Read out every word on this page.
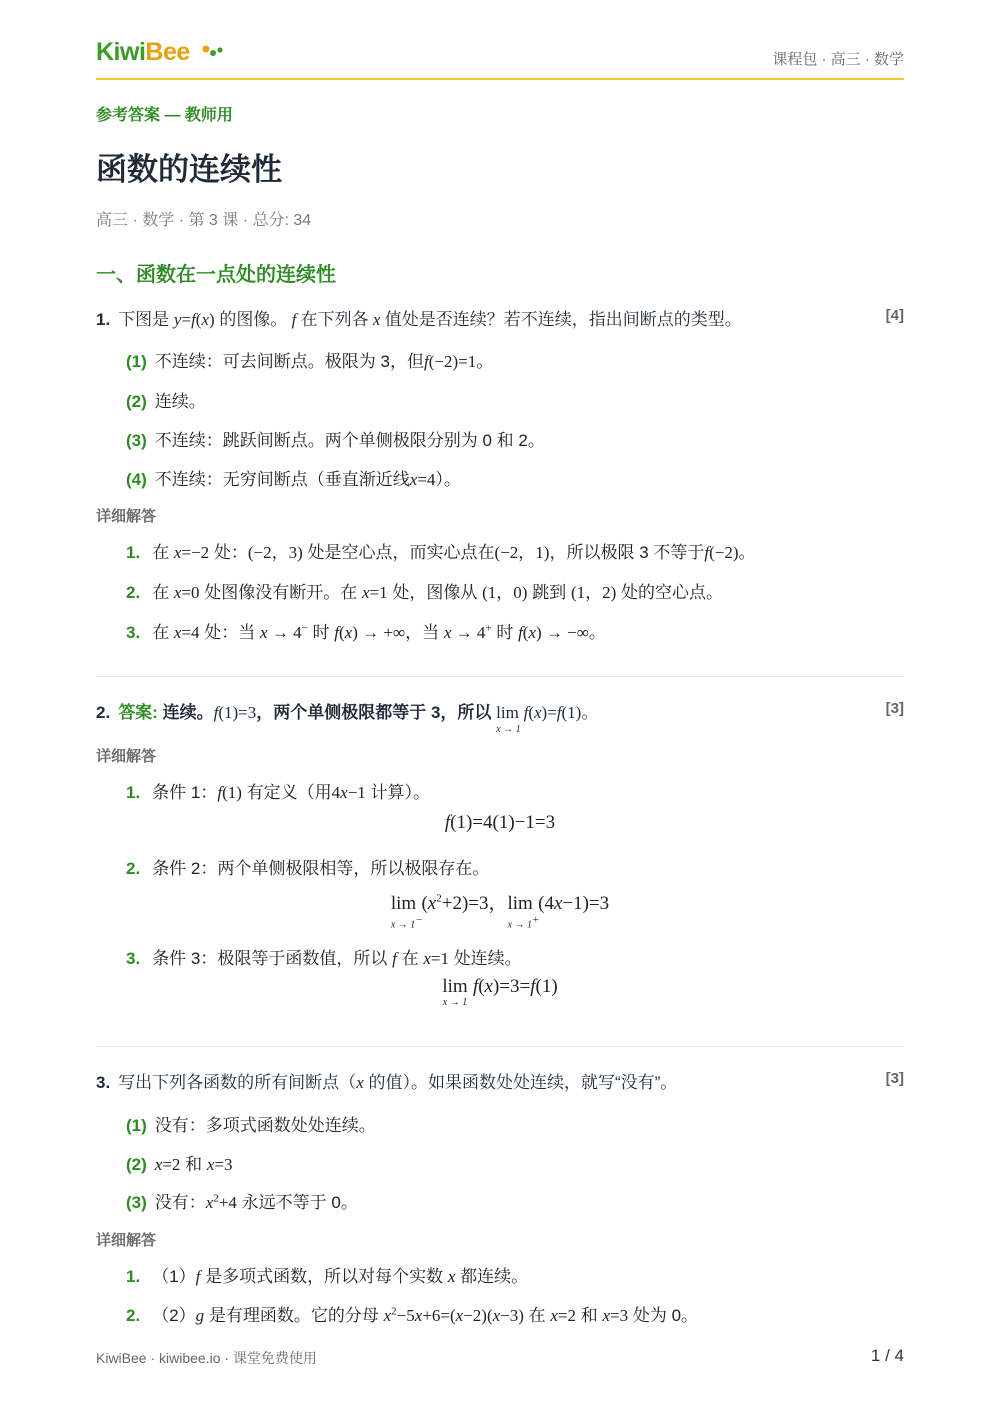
KiwiBee	课程包 · 高三 · 数学
参考答案 — 教师用
函数的连续性
高三 · 数学 · 第 3 课 · 总分: 34
一、函数在一点处的连续性
1. 下图是 y=f(x) 的图像。 f 在下列各 x 值处是否连续？若不连续，指出间断点的类型。	[4]
(1) 不连续：可去间断点。极限为 3，但f(−2)=1。
(2) 连续。
(3) 不连续：跳跃间断点。两个单侧极限分别为 0 和 2。
(4) 不连续：无穷间断点（垂直渐近线x=4）。
详细解答
1. 在 x=−2 处：(−2，3) 处是空心点，而实心点在(−2，1)，所以极限 3 不等于f(−2)。
2. 在 x=0 处图像没有断开。在 x=1 处，图像从 (1，0) 跳到 (1，2) 处的空心点。
3. 在 x=4 处：当 x → 4− 时 f(x) → +∞，当 x → 4+ 时 f(x) → −∞。
2. 答案: 连续。f(1)=3，两个单侧极限都等于 3，所以 lim
x → 1
f(x)=f(1)。	[3]
详细解答
1. 条件 1：f(1) 有定义（用4x−1 计算）。
f(1)=4(1)−1=3
2. 条件 2：两个单侧极限相等，所以极限存在。
lim
x → 1−
$(x^2+2)=3$，lim
x → 1+
(4x−1)=3
3. 条件 3：极限等于函数值，所以 f 在 x=1 处连续。
lim
x → 1
f(x)=3=f(1)
3. 写出下列各函数的所有间断点（x 的值）。如果函数处处连续，就写“没有”。	[3]
(1) 没有：多项式函数处处连续。
(2) x=2 和 x=3
(3) 没有：$x^2+4$ 永远不等于 0。
详细解答
1. （1）f 是多项式函数，所以对每个实数 x 都连续。
2. （2）g 是有理函数。它的分母 $x^2-5x+6=(x-2)(x-3)$ 在 x=2 和 x=3 处为 0。
KiwiBee · kiwibee.io · 课堂免费使用	1 / 4
